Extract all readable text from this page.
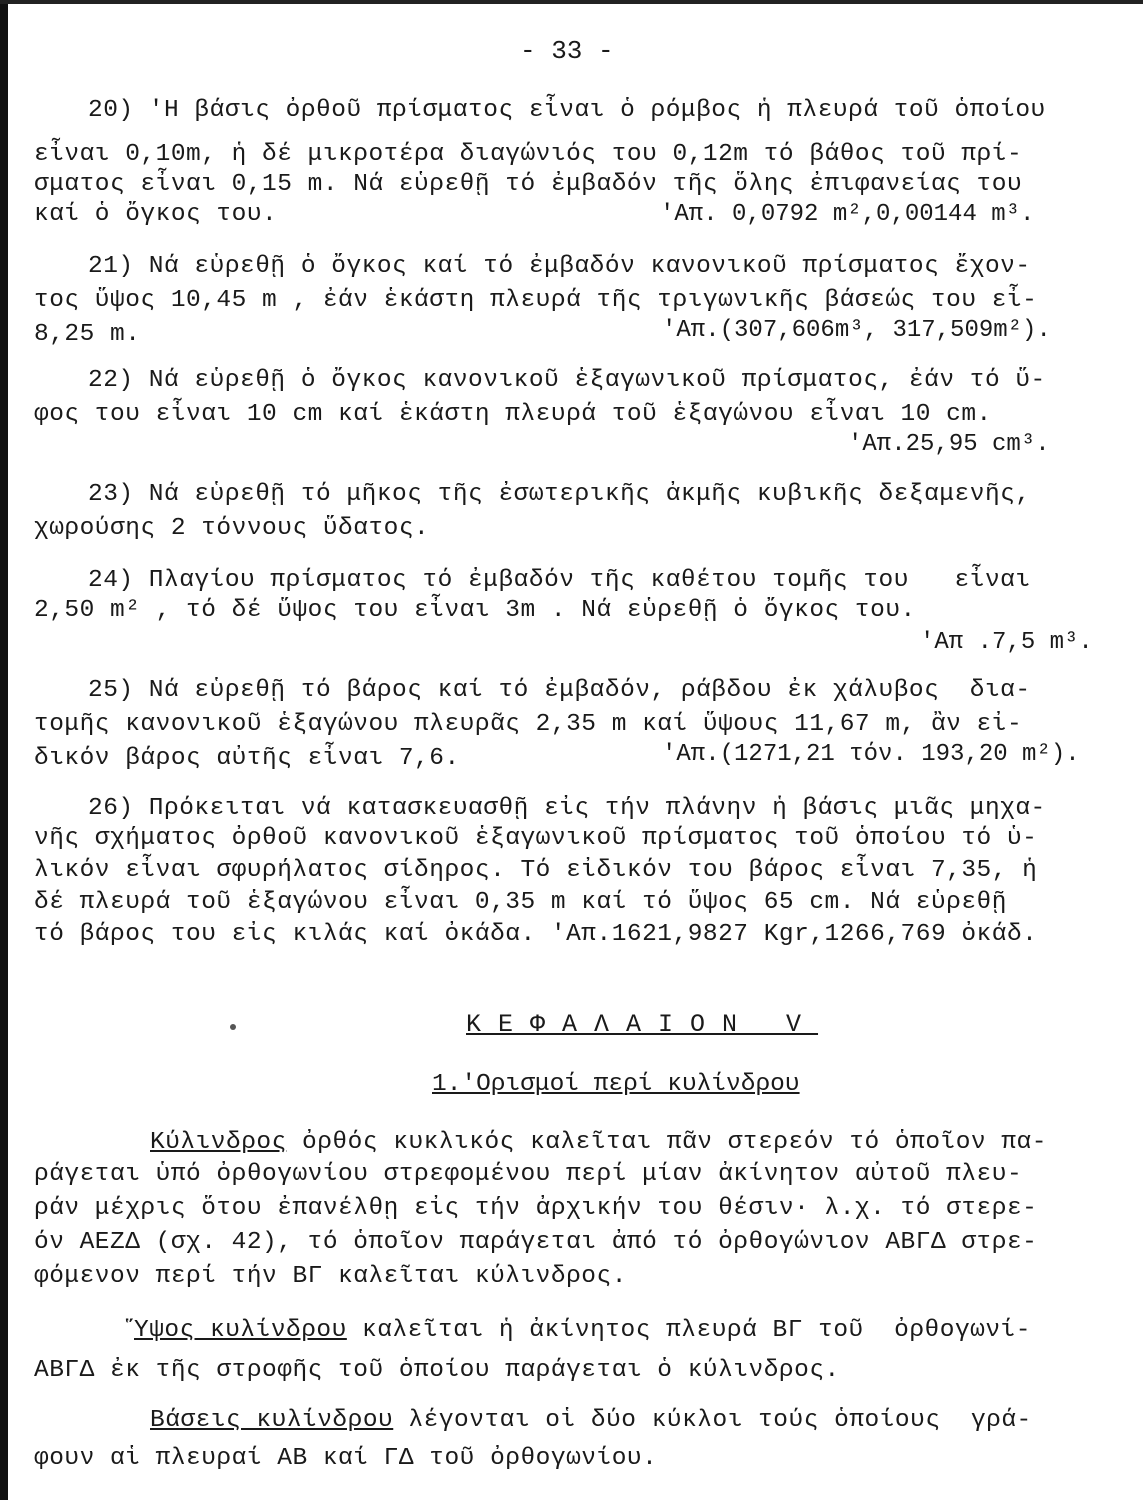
- 33 -
20) 'Η βάσις ὀρθοῦ πρίσματος εἶναι ὁ ρόμβος ἡ πλευρά τοῦ ὁποίου
εἶναι 0,10m, ἡ δέ μικροτέρα διαγώνιός του 0,12m τό βάθος τοῦ πρί-
σματος εἶναι 0,15 m. Νά εὑρεθῇ τό ἐμβαδόν τῆς ὅλης ἐπιφανείας του
καί ὁ ὄγκος του.	'Απ. 0,0792 m²,0,00144 m³.
21) Νά εὑρεθῇ ὁ ὄγκος καί τό ἐμβαδόν κανονικοῦ πρίσματος ἔχον-
τος ὕψος 10,45 m , ἐάν ἑκάστη πλευρά τῆς τριγωνικῆς βάσεώς του εἶ-
8,25 m.	'Απ.(307,606m³, 317,509m²).
22) Νά εὑρεθῇ ὁ ὄγκος κανονικοῦ ἑξαγωνικοῦ πρίσματος, ἐάν τό ὕ-
φος του εἶναι 10 cm καί ἑκάστη πλευρά τοῦ ἑξαγώνου εἶναι 10 cm.
'Απ.25,95 cm³.
23) Νά εὑρεθῇ τό μῆκος τῆς ἐσωτερικῆς ἀκμῆς κυβικῆς δεξαμενῆς,
χωρούσης 2 τόννους ὕδατος.
24) Πλαγίου πρίσματος τό ἐμβαδόν τῆς καθέτου τομῆς του   εἶναι
2,50 m² , τό δέ ὕψος του εἶναι 3m . Νά εὑρεθῇ ὁ ὄγκος του.
'Απ .7,5 m³.
25) Νά εὑρεθῇ τό βάρος καί τό ἐμβαδόν, ράβδου ἐκ χάλυβος  δια-
τομῆς κανονικοῦ ἑξαγώνου πλευρᾶς 2,35 m καί ὕψους 11,67 m, ἂν εἰ-
δικόν βάρος αὐτῆς εἶναι 7,6.	'Απ.(1271,21 τόν. 193,20 m²).
26) Πρόκειται νά κατασκευασθῇ εἰς τήν πλάνην ἡ βάσις μιᾶς μηχα-
νῆς σχήματος ὀρθοῦ κανονικοῦ ἑξαγωνικοῦ πρίσματος τοῦ ὁποίου τό ὑ-
λικόν εἶναι σφυρήλατος σίδηρος. Τό εἰδικόν του βάρος εἶναι 7,35, ἡ
δέ πλευρά τοῦ ἑξαγώνου εἶναι 0,35 m καί τό ὕψος 65 cm. Νά εὑρεθῇ
τό βάρος του εἰς κιλάς καί ὀκάδα. 'Απ.1621,9827 Kgr,1266,769 ὀκάδ.
ΚΕΦΑΛΑΙΟΝ V
1.'Ορισμοί περί κυλίνδρου
Κύλινδρος ὀρθός κυκλικός καλεῖται πᾶν στερεόν τό ὁποῖον πα-
ράγεται ὑπό ὀρθογωνίου στρεφομένου περί μίαν ἀκίνητον αὐτοῦ πλευ-
ράν μέχρις ὅτου ἐπανέλθῃ εἰς τήν ἀρχικήν του θέσιν· λ.χ. τό στερε-
όν ΑΕΖΔ (σχ. 42), τό ὁποῖον παράγεται ἀπό τό ὀρθογώνιον ΑΒΓΔ στρε-
φόμενον περί τήν ΒΓ καλεῖται κύλινδρος.
Ὕψος κυλίνδρου καλεῖται ἡ ἀκίνητος πλευρά ΒΓ τοῦ  ὀρθογωνί-
ΑΒΓΔ ἐκ τῆς στροφῆς τοῦ ὁποίου παράγεται ὁ κύλινδρος.
Βάσεις κυλίνδρου λέγονται οἱ δύο κύκλοι τούς ὁποίους  γρά-
φουν αἱ πλευραί ΑΒ καί ΓΔ τοῦ ὀρθογωνίου.
